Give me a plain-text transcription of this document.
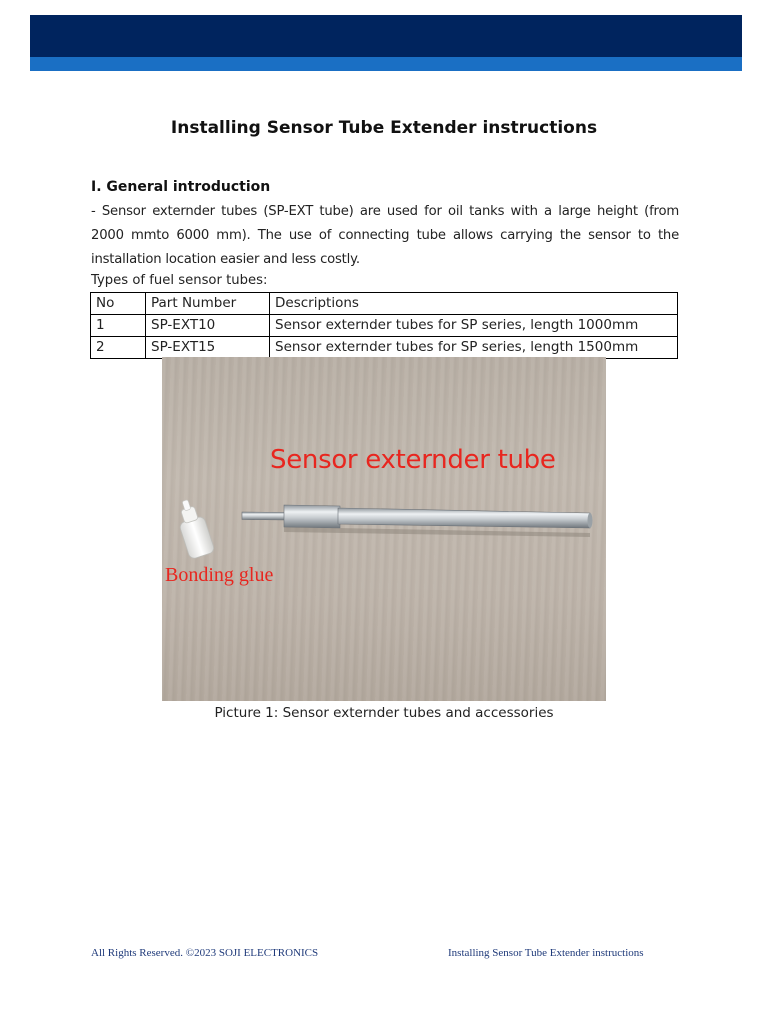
Installing Sensor Tube Extender instructions
I. General introduction
- Sensor externder tubes (SP-EXT tube) are used for oil tanks with a large height (from 2000 mmto 6000 mm). The use of connecting tube allows carrying the sensor to the installation location easier and less costly.
Types of fuel sensor tubes:
No	Part Number	Descriptions
1	SP-EXT10	Sensor externder tubes for SP series, length 1000mm
2	SP-EXT15	Sensor externder tubes for SP series, length 1500mm
Sensor externder tube
Bonding glue
Picture 1: Sensor externder tubes and accessories
All Rights Reserved. ©2023 SOJI ELECTRONICS	Installing Sensor Tube Extender instructions
